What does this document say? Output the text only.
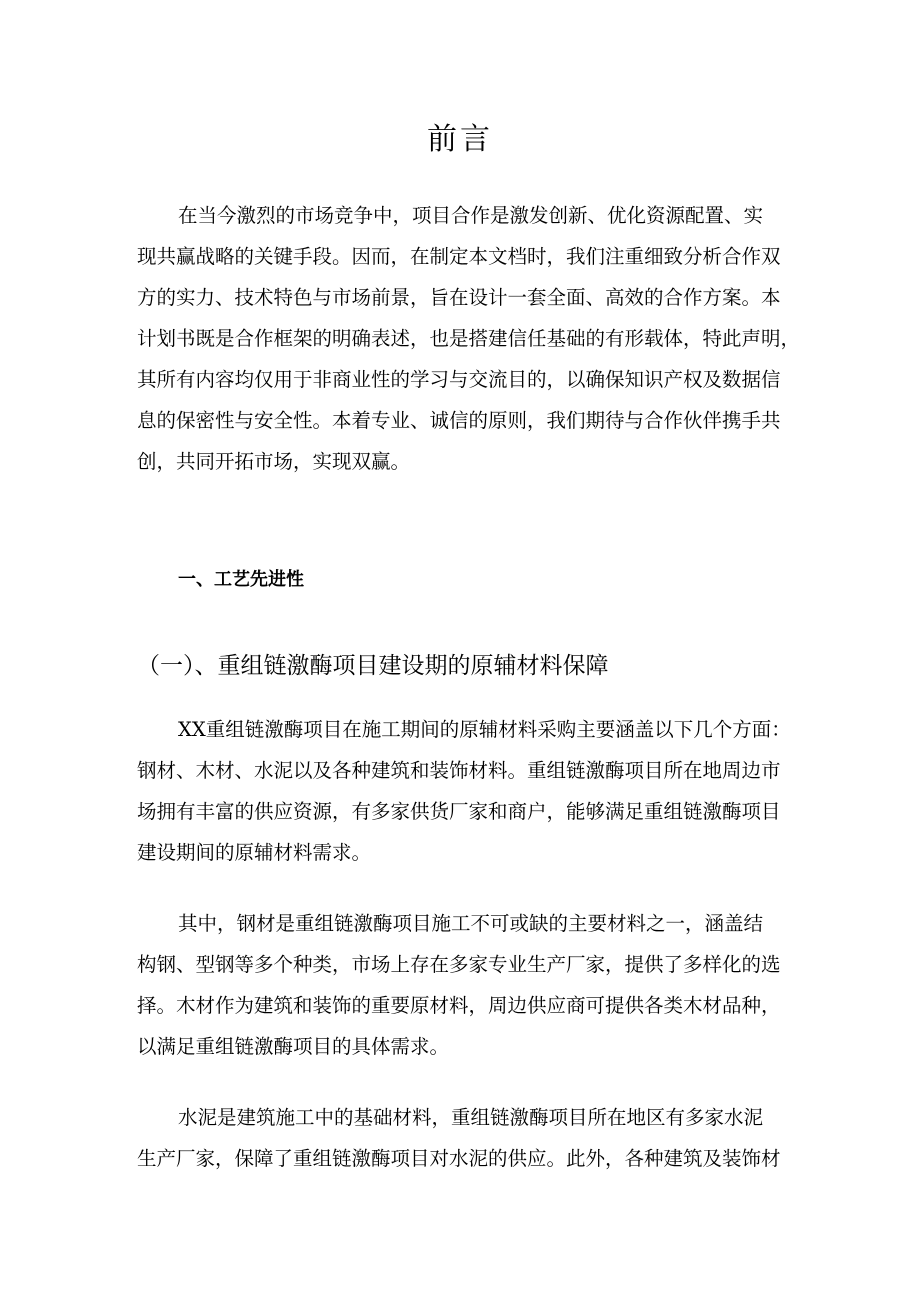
前言
在当今激烈的市场竞争中，项目合作是激发创新、优化资源配置、实
现共赢战略的关键手段。因而，在制定本文档时，我们注重细致分析合作双
方的实力、技术特色与市场前景，旨在设计一套全面、高效的合作方案。本
计划书既是合作框架的明确表述，也是搭建信任基础的有形载体，特此声明，
其所有内容均仅用于非商业性的学习与交流目的，以确保知识产权及数据信
息的保密性与安全性。本着专业、诚信的原则，我们期待与合作伙伴携手共
创，共同开拓市场，实现双赢。
一、工艺先进性
（一）、重组链激酶项目建设期的原辅材料保障
XX重组链激酶项目在施工期间的原辅材料采购主要涵盖以下几个方面：
钢材、木材、水泥以及各种建筑和装饰材料。重组链激酶项目所在地周边市
场拥有丰富的供应资源，有多家供货厂家和商户，能够满足重组链激酶项目
建设期间的原辅材料需求。
其中，钢材是重组链激酶项目施工不可或缺的主要材料之一，涵盖结
构钢、型钢等多个种类，市场上存在多家专业生产厂家，提供了多样化的选
择。木材作为建筑和装饰的重要原材料，周边供应商可提供各类木材品种，
以满足重组链激酶项目的具体需求。
水泥是建筑施工中的基础材料，重组链激酶项目所在地区有多家水泥
生产厂家，保障了重组链激酶项目对水泥的供应。此外，各种建筑及装饰材
